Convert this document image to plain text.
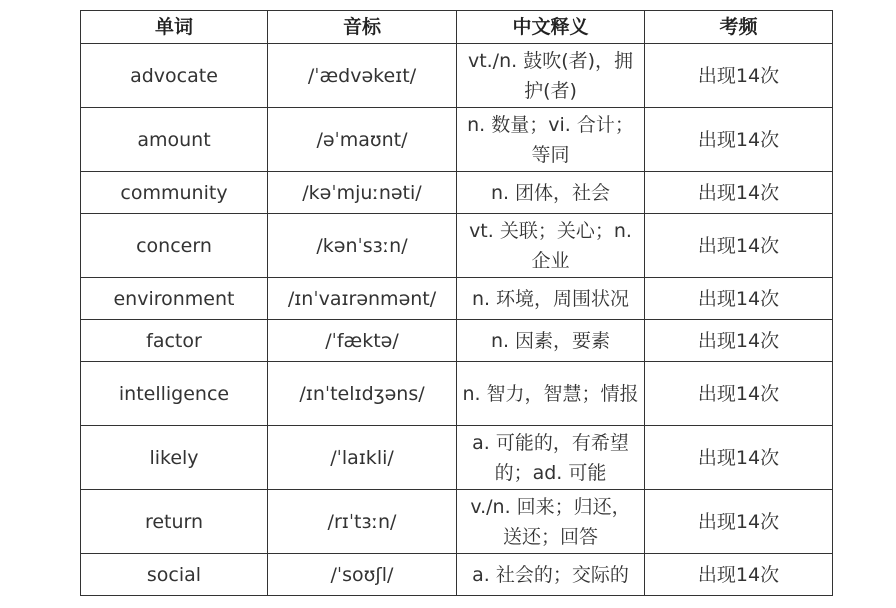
单词	音标	中文释义	考频
advocate	/ˈædvəkeɪt/	vt./n. 鼓吹(者)，拥护(者)	出现14次
amount	/əˈmaʊnt/	n. 数量；vi. 合计；等同	出现14次
community	/kəˈmjuːnəti/	n. 团体，社会	出现14次
concern	/kənˈsɜːn/	vt. 关联；关心；n. 企业	出现14次
environment	/ɪnˈvaɪrənmənt/	n. 环境，周围状况	出现14次
factor	/ˈfæktə/	n. 因素，要素	出现14次
intelligence	/ɪnˈtelɪdʒəns/	n. 智力，智慧；情报	出现14次
likely	/ˈlaɪkli/	a. 可能的，有希望的；ad. 可能	出现14次
return	/rɪˈtɜːn/	v./n. 回来；归还，送还；回答	出现14次
social	/ˈsoʊʃl/	a. 社会的；交际的	出现14次
